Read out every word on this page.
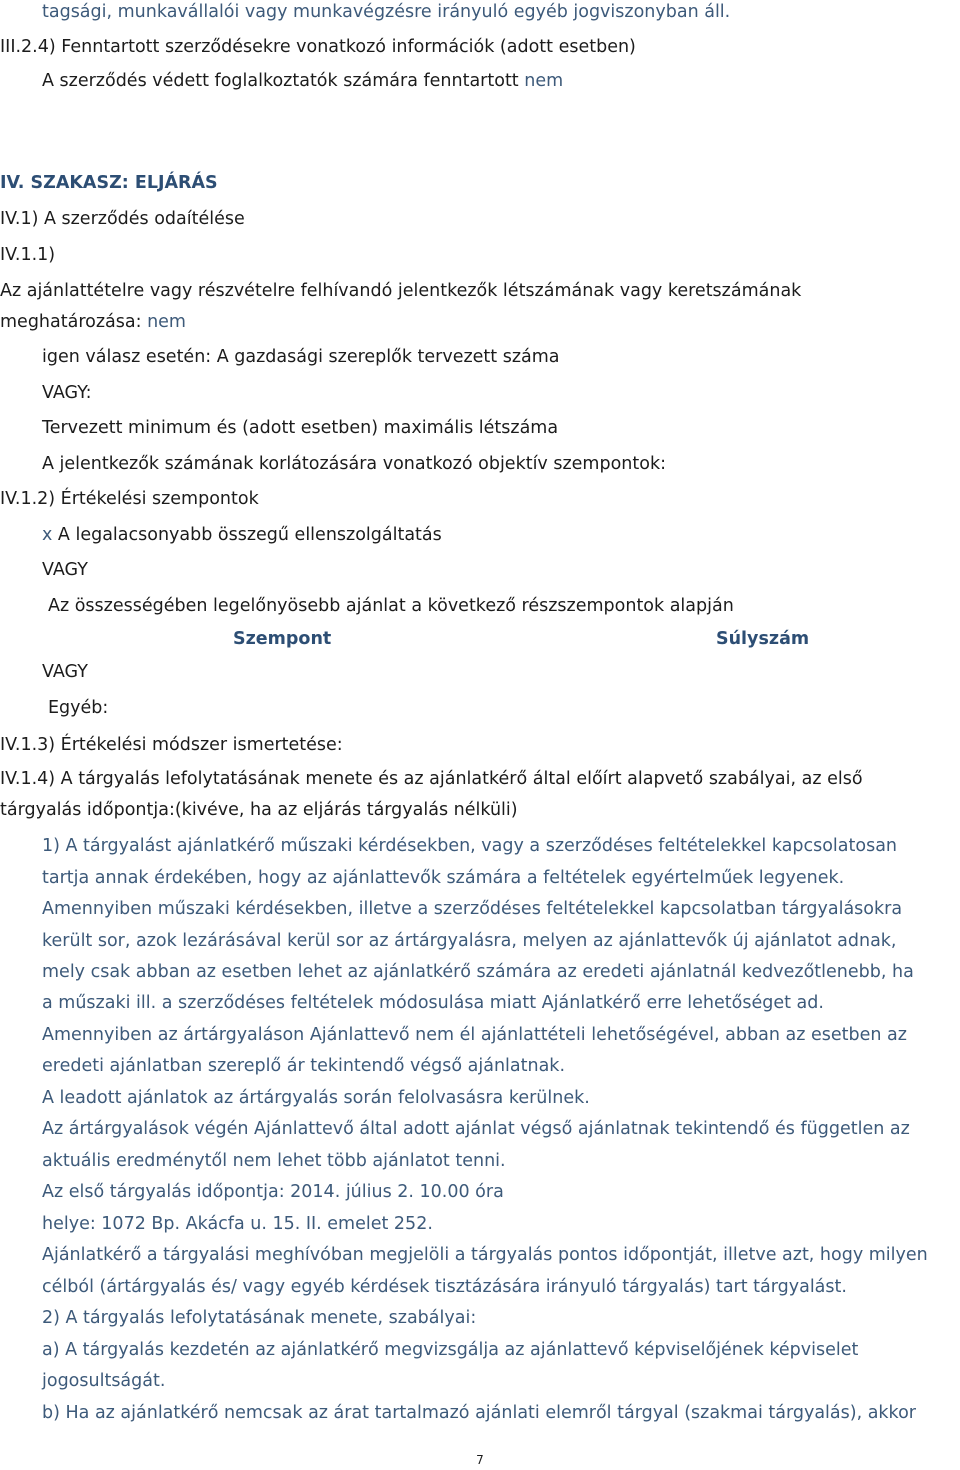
tagsági, munkavállalói vagy munkavégzésre irányuló egyéb jogviszonyban áll.
III.2.4) Fenntartott szerződésekre vonatkozó információk (adott esetben)
A szerződés védett foglalkoztatók számára fenntartott nem
IV. SZAKASZ: ELJÁRÁS
IV.1) A szerződés odaítélése
IV.1.1)
Az ajánlattételre vagy részvételre felhívandó jelentkezők létszámának vagy keretszámának
meghatározása: nem
igen válasz esetén: A gazdasági szereplők tervezett száma
VAGY:
Tervezett minimum és (adott esetben) maximális létszáma
A jelentkezők számának korlátozására vonatkozó objektív szempontok:
IV.1.2) Értékelési szempontok
x A legalacsonyabb összegű ellenszolgáltatás
VAGY
Az összességében legelőnyösebb ajánlat a következő részszempontok alapján
Szempont	Súlyszám
VAGY
Egyéb:
IV.1.3) Értékelési módszer ismertetése:
IV.1.4) A tárgyalás lefolytatásának menete és az ajánlatkérő által előírt alapvető szabályai, az első
tárgyalás időpontja:(kivéve, ha az eljárás tárgyalás nélküli)
1) A tárgyalást ajánlatkérő műszaki kérdésekben, vagy a szerződéses feltételekkel kapcsolatosan
tartja annak érdekében, hogy az ajánlattevők számára a feltételek egyértelműek legyenek.
Amennyiben műszaki kérdésekben, illetve a szerződéses feltételekkel kapcsolatban tárgyalásokra
került sor, azok lezárásával kerül sor az ártárgyalásra, melyen az ajánlattevők új ajánlatot adnak,
mely csak abban az esetben lehet az ajánlatkérő számára az eredeti ajánlatnál kedvezőtlenebb, ha
a műszaki ill. a szerződéses feltételek módosulása miatt Ajánlatkérő erre lehetőséget ad.
Amennyiben az ártárgyaláson Ajánlattevő nem él ajánlattételi lehetőségével, abban az esetben az
eredeti ajánlatban szereplő ár tekintendő végső ajánlatnak.
A leadott ajánlatok az ártárgyalás során felolvasásra kerülnek.
Az ártárgyalások végén Ajánlattevő által adott ajánlat végső ajánlatnak tekintendő és független az
aktuális eredménytől nem lehet több ajánlatot tenni.
Az első tárgyalás időpontja: 2014. július 2. 10.00 óra
helye: 1072 Bp. Akácfa u. 15. II. emelet 252.
Ajánlatkérő a tárgyalási meghívóban megjelöli a tárgyalás pontos időpontját, illetve azt, hogy milyen
célból (ártárgyalás és/ vagy egyéb kérdések tisztázására irányuló tárgyalás) tart tárgyalást.
2) A tárgyalás lefolytatásának menete, szabályai:
a) A tárgyalás kezdetén az ajánlatkérő megvizsgálja az ajánlattevő képviselőjének képviselet
jogosultságát.
b) Ha az ajánlatkérő nemcsak az árat tartalmazó ajánlati elemről tárgyal (szakmai tárgyalás), akkor
7
